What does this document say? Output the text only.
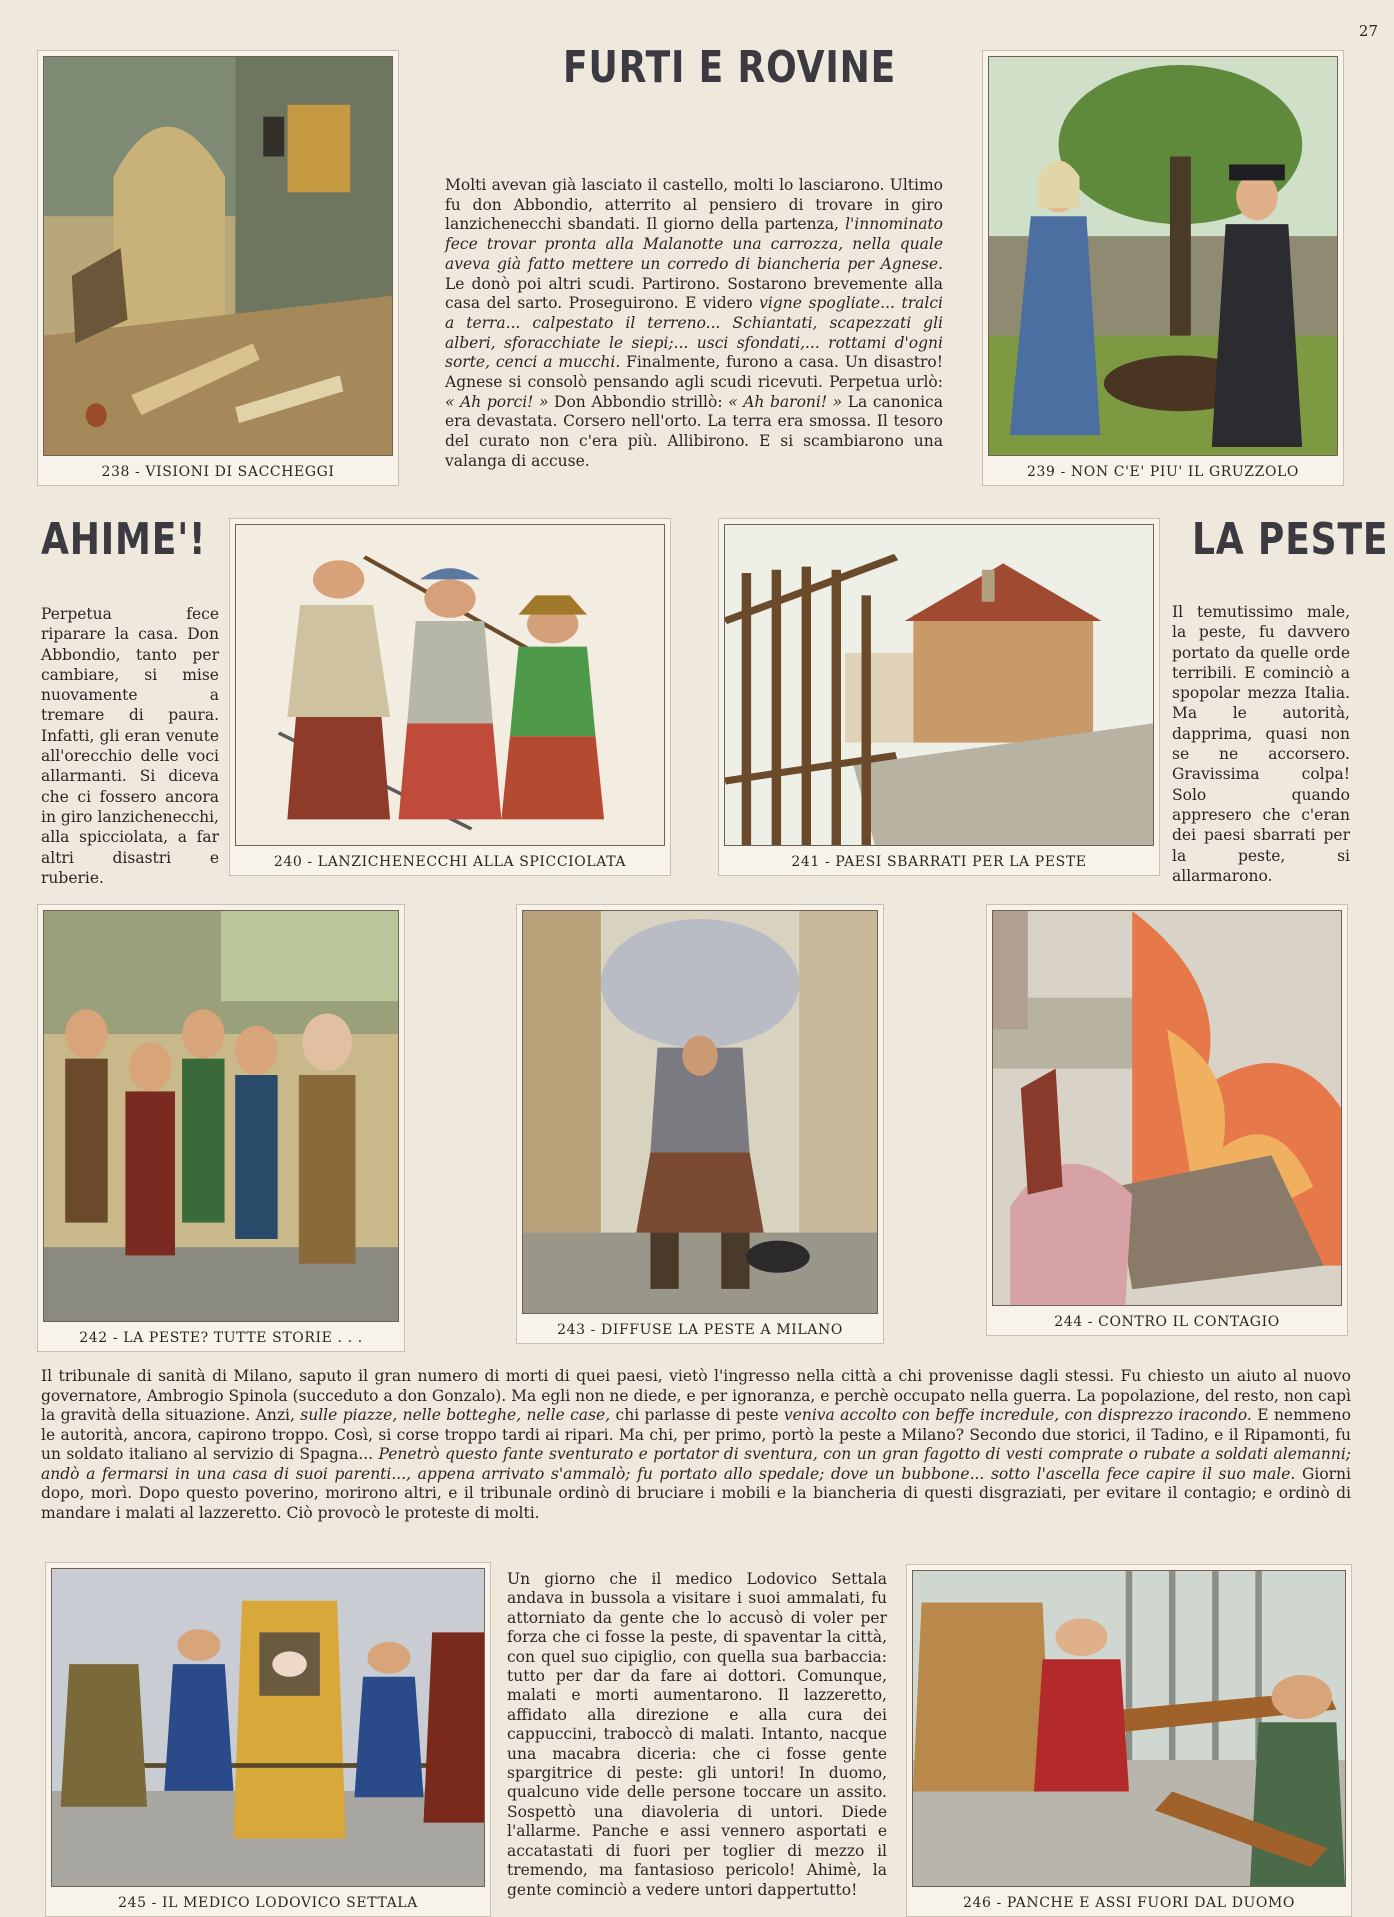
27
FURTI E ROVINE
AHIME'!	LA PESTE
Molti avevan già lasciato il castello, molti lo lasciarono. Ultimo fu don Abbondio, atterrito al pensiero di trovare in giro lanzichenecchi sbandati. Il giorno della partenza, l'innominato fece trovar pronta alla Malanotte una carrozza, nella quale aveva già fatto mettere un corredo di biancheria per Agnese. Le donò poi altri scudi. Partirono. Sostarono brevemente alla casa del sarto. Proseguirono. E videro vigne spogliate... tralci a terra... calpestato il terreno... Schiantati, scapezzati gli alberi, sforacchiate le siepi;... usci sfondati,... rottami d'ogni sorte, cenci a mucchi. Finalmente, furono a casa. Un disastro! Agnese si consolò pensando agli scudi ricevuti. Perpetua urlò: « Ah porci! » Don Abbondio strillò: « Ah baroni! » La canonica era devastata. Corsero nell'orto. La terra era smossa. Il tesoro del curato non c'era più. Allibirono. E si scambiarono una valanga di accuse.
Perpetua fece riparare la casa. Don Abbondio, tanto per cambiare, si mise nuovamente a tremare di paura. Infatti, gli eran venute all'orecchio delle voci allarmanti. Si diceva che ci fossero ancora in giro lanzichenecchi, alla spicciolata, a far altri disastri e ruberie.
Il temutissimo male, la peste, fu davvero portato da quelle orde terribili. E cominciò a spopolar mezza Italia. Ma le autorità, dapprima, quasi non se ne accorsero. Gravissima colpa! Solo quando appresero che c'eran dei paesi sbarrati per la peste, si allarmarono.
Il tribunale di sanità di Milano, saputo il gran numero di morti di quei paesi, vietò l'ingresso nella città a chi provenisse dagli stessi. Fu chiesto un aiuto al nuovo governatore, Ambrogio Spinola (succeduto a don Gonzalo). Ma egli non ne diede, e per ignoranza, e perchè occupato nella guerra. La popolazione, del resto, non capì la gravità della situazione. Anzi, sulle piazze, nelle botteghe, nelle case, chi parlasse di peste veniva accolto con beffe incredule, con disprezzo iracondo. E nemmeno le autorità, ancora, capirono troppo. Così, si corse troppo tardi ai ripari. Ma chi, per primo, portò la peste a Milano? Secondo due storici, il Tadino, e il Ripamonti, fu un soldato italiano al servizio di Spagna... Penetrò questo fante sventurato e portator di sventura, con un gran fagotto di vesti comprate o rubate a soldati alemanni; andò a fermarsi in una casa di suoi parenti..., appena arrivato s'ammalò; fu portato allo spedale; dove un bubbone... sotto l'ascella fece capire il suo male. Giorni dopo, morì. Dopo questo poverino, morirono altri, e il tribunale ordinò di bruciare i mobili e la biancheria di questi disgraziati, per evitare il contagio; e ordinò di mandare i malati al lazzeretto. Ciò provocò le proteste di molti.
Un giorno che il medico Lodovico Settala andava in bussola a visitare i suoi ammalati, fu attorniato da gente che lo accusò di voler per forza che ci fosse la peste, di spaventar la città, con quel suo cipiglio, con quella sua barbaccia: tutto per dar da fare ai dottori. Comunque, malati e morti aumentarono. Il lazzeretto, affidato alla direzione e alla cura dei cappuccini, traboccò di malati. Intanto, nacque una macabra diceria: che ci fosse gente spargitrice di peste: gli untori! In duomo, qualcuno vide delle persone toccare un assito. Sospettò una diavoleria di untori. Diede l'allarme. Panche e assi vennero asportati e accatastati di fuori per toglier di mezzo il tremendo, ma fantasioso pericolo! Ahimè, la gente cominciò a vedere untori dappertutto!
238 - VISIONI DI SACCHEGGI	239 - NON C'E' PIU' IL GRUZZOLO
240 - LANZICHENECCHI ALLA SPICCIOLATA	241 - PAESI SBARRATI PER LA PESTE
242 - LA PESTE? TUTTE STORIE . . .	243 - DIFFUSE LA PESTE A MILANO	244 - CONTRO IL CONTAGIO
245 - IL MEDICO LODOVICO SETTALA	246 - PANCHE E ASSI FUORI DAL DUOMO
